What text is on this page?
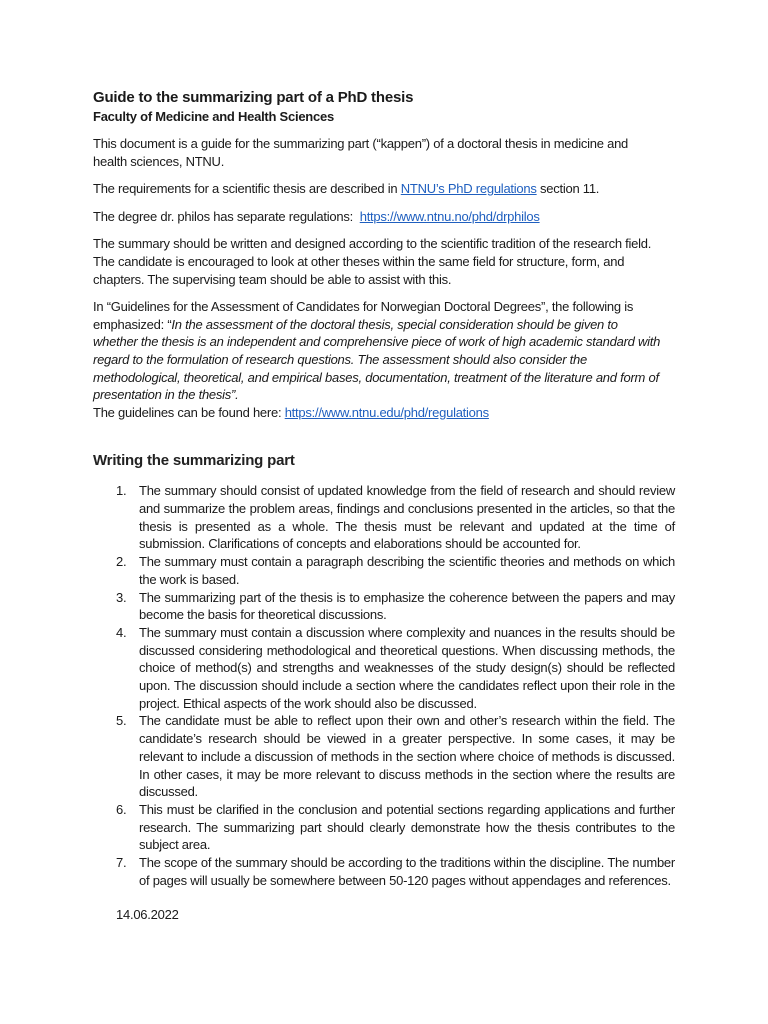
Guide to the summarizing part of a PhD thesis
Faculty of Medicine and Health Sciences

This document is a guide for the summarizing part (“kappen”) of a doctoral thesis in medicine and health sciences, NTNU.

The requirements for a scientific thesis are described in NTNU’s PhD regulations section 11.

The degree dr. philos has separate regulations:  https://www.ntnu.no/phd/drphilos

The summary should be written and designed according to the scientific tradition of the research field. The candidate is encouraged to look at other theses within the same field for structure, form, and chapters. The supervising team should be able to assist with this.

In “Guidelines for the Assessment of Candidates for Norwegian Doctoral Degrees”, the following is emphasized: “In the assessment of the doctoral thesis, special consideration should be given to whether the thesis is an independent and comprehensive piece of work of high academic standard with regard to the formulation of research questions. The assessment should also consider the methodological, theoretical, and empirical bases, documentation, treatment of the literature and form of presentation in the thesis”.

The guidelines can be found here: https://www.ntnu.edu/phd/regulations

Writing the summarizing part
1. The summary should consist of updated knowledge from the field of research and should review and summarize the problem areas, findings and conclusions presented in the articles, so that the thesis is presented as a whole. The thesis must be relevant and updated at the time of submission. Clarifications of concepts and elaborations should be accounted for.
2. The summary must contain a paragraph describing the scientific theories and methods on which the work is based.
3. The summarizing part of the thesis is to emphasize the coherence between the papers and may become the basis for theoretical discussions.
4. The summary must contain a discussion where complexity and nuances in the results should be discussed considering methodological and theoretical questions. When discussing methods, the choice of method(s) and strengths and weaknesses of the study design(s) should be reflected upon. The discussion should include a section where the candidates reflect upon their role in the project. Ethical aspects of the work should also be discussed.
5. The candidate must be able to reflect upon their own and other’s research within the field. The candidate’s research should be viewed in a greater perspective. In some cases, it may be relevant to include a discussion of methods in the section where choice of methods is discussed. In other cases, it may be more relevant to discuss methods in the section where the results are discussed.
6. This must be clarified in the conclusion and potential sections regarding applications and further research. The summarizing part should clearly demonstrate how the thesis contributes to the subject area.
7. The scope of the summary should be according to the traditions within the discipline. The number of pages will usually be somewhere between 50-120 pages without appendages and references.
14.06.2022
